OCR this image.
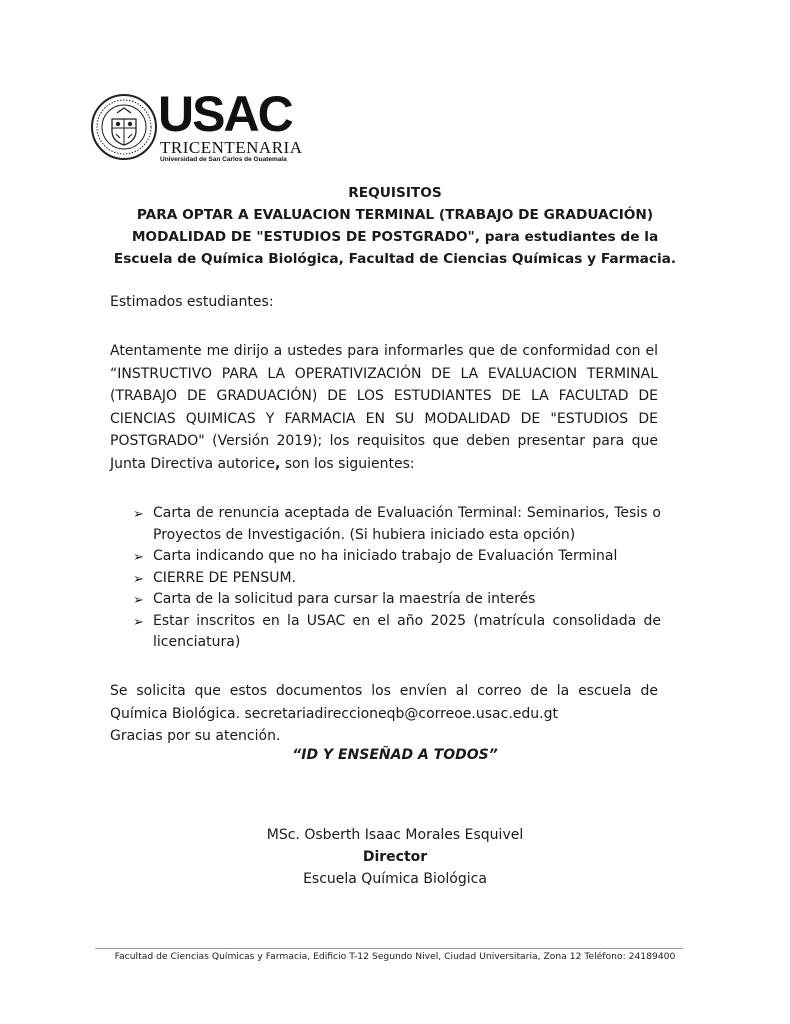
USAC
TRICENTENARIA
Universidad de San Carlos de Guatemala
REQUISITOS
PARA OPTAR A EVALUACION TERMINAL (TRABAJO DE GRADUACIÓN)
MODALIDAD DE "ESTUDIOS DE POSTGRADO", para estudiantes de la
Escuela de Química Biológica, Facultad de Ciencias Químicas y Farmacia.
Estimados estudiantes:
Atentamente me dirijo a ustedes para informarles que de conformidad con el “INSTRUCTIVO PARA LA OPERATIVIZACIÓN DE LA EVALUACION TERMINAL (TRABAJO DE GRADUACIÓN) DE LOS ESTUDIANTES DE LA FACULTAD DE CIENCIAS QUIMICAS Y FARMACIA EN SU MODALIDAD DE "ESTUDIOS DE POSTGRADO" (Versión 2019); los requisitos que deben presentar para que Junta Directiva autorice, son los siguientes:
➢ Carta de renuncia aceptada de Evaluación Terminal: Seminarios, Tesis o Proyectos de Investigación. (Si hubiera iniciado esta opción)
➢ Carta indicando que no ha iniciado trabajo de Evaluación Terminal
➢ CIERRE DE PENSUM.
➢ Carta de la solicitud para cursar la maestría de interés
➢ Estar inscritos en la USAC en el año 2025 (matrícula consolidada de licenciatura)
Se solicita que estos documentos los envíen al correo de la escuela de Química Biológica. secretariadireccioneqb@correoe.usac.edu.gt
Gracias por su atención.
“ID Y ENSEÑAD A TODOS”
MSc. Osberth Isaac Morales Esquivel
Director
Escuela Química Biológica
Facultad de Ciencias Químicas y Farmacia, Edificio T-12 Segundo Nivel, Ciudad Universitaria, Zona 12 Teléfono: 24189400
